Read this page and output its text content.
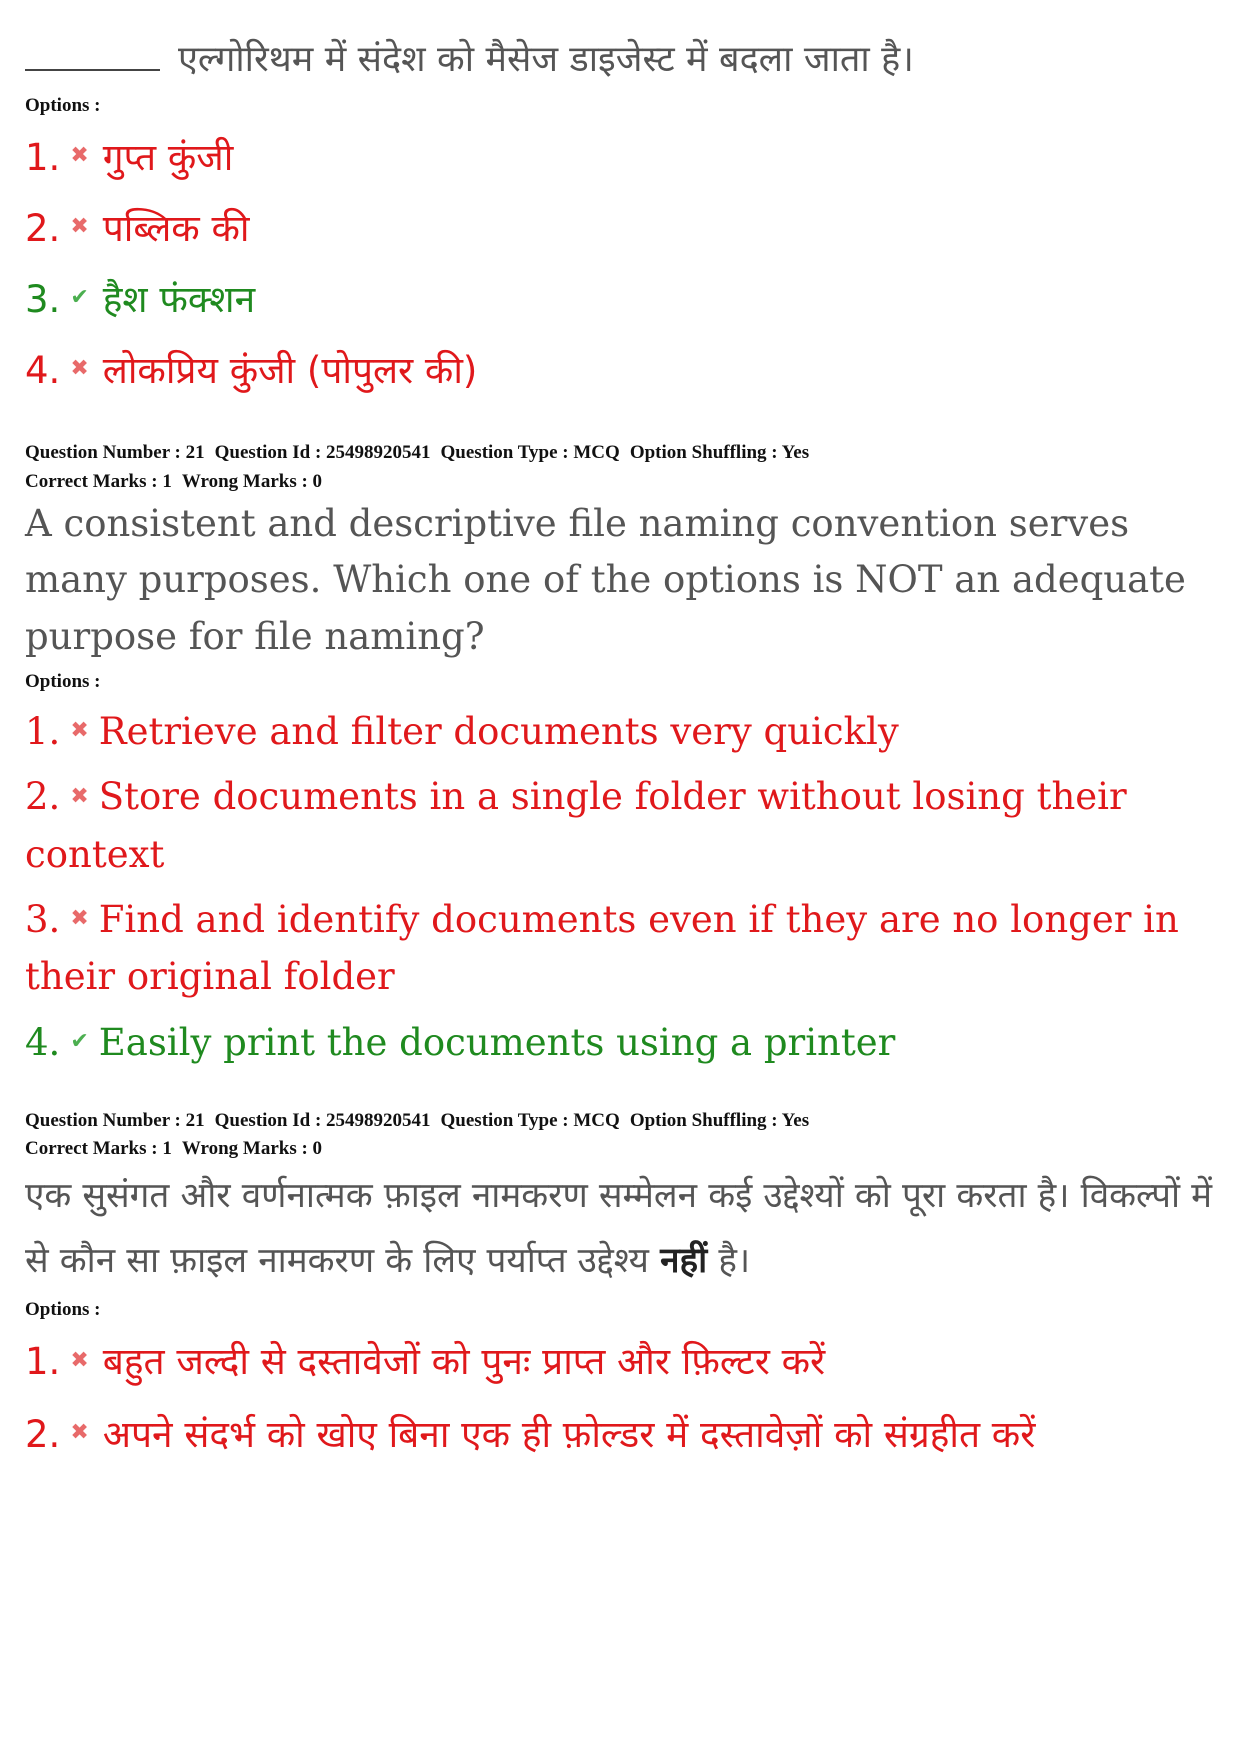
एल्गोरिथम में संदेश को मैसेज डाइजेस्ट में बदला जाता है।
Options :
1. ✖ गुप्त कुंजी
2. ✖ पब्लिक की
3. ✔ हैश फंक्शन
4. ✖ लोकप्रिय कुंजी (पोपुलर की)
Question Number : 21 Question Id : 25498920541 Question Type : MCQ Option Shuffling : Yes
Correct Marks : 1 Wrong Marks : 0
A consistent and descriptive file naming convention serves many purposes. Which one of the options is NOT an adequate purpose for file naming?
Options :
1. ✖ Retrieve and filter documents very quickly
2. ✖ Store documents in a single folder without losing their context
3. ✖ Find and identify documents even if they are no longer in their original folder
4. ✔ Easily print the documents using a printer
Question Number : 21 Question Id : 25498920541 Question Type : MCQ Option Shuffling : Yes
Correct Marks : 1 Wrong Marks : 0
एक सुसंगत और वर्णनात्मक फ़ाइल नामकरण सम्मेलन कई उद्देश्यों को पूरा करता है। विकल्पों में से कौन सा फ़ाइल नामकरण के लिए पर्याप्त उद्देश्य नहीं है।
Options :
1. ✖ बहुत जल्दी से दस्तावेजों को पुनः प्राप्त और फ़िल्टर करें
2. ✖ अपने संदर्भ को खोए बिना एक ही फ़ोल्डर में दस्तावेज़ों को संग्रहीत करें
